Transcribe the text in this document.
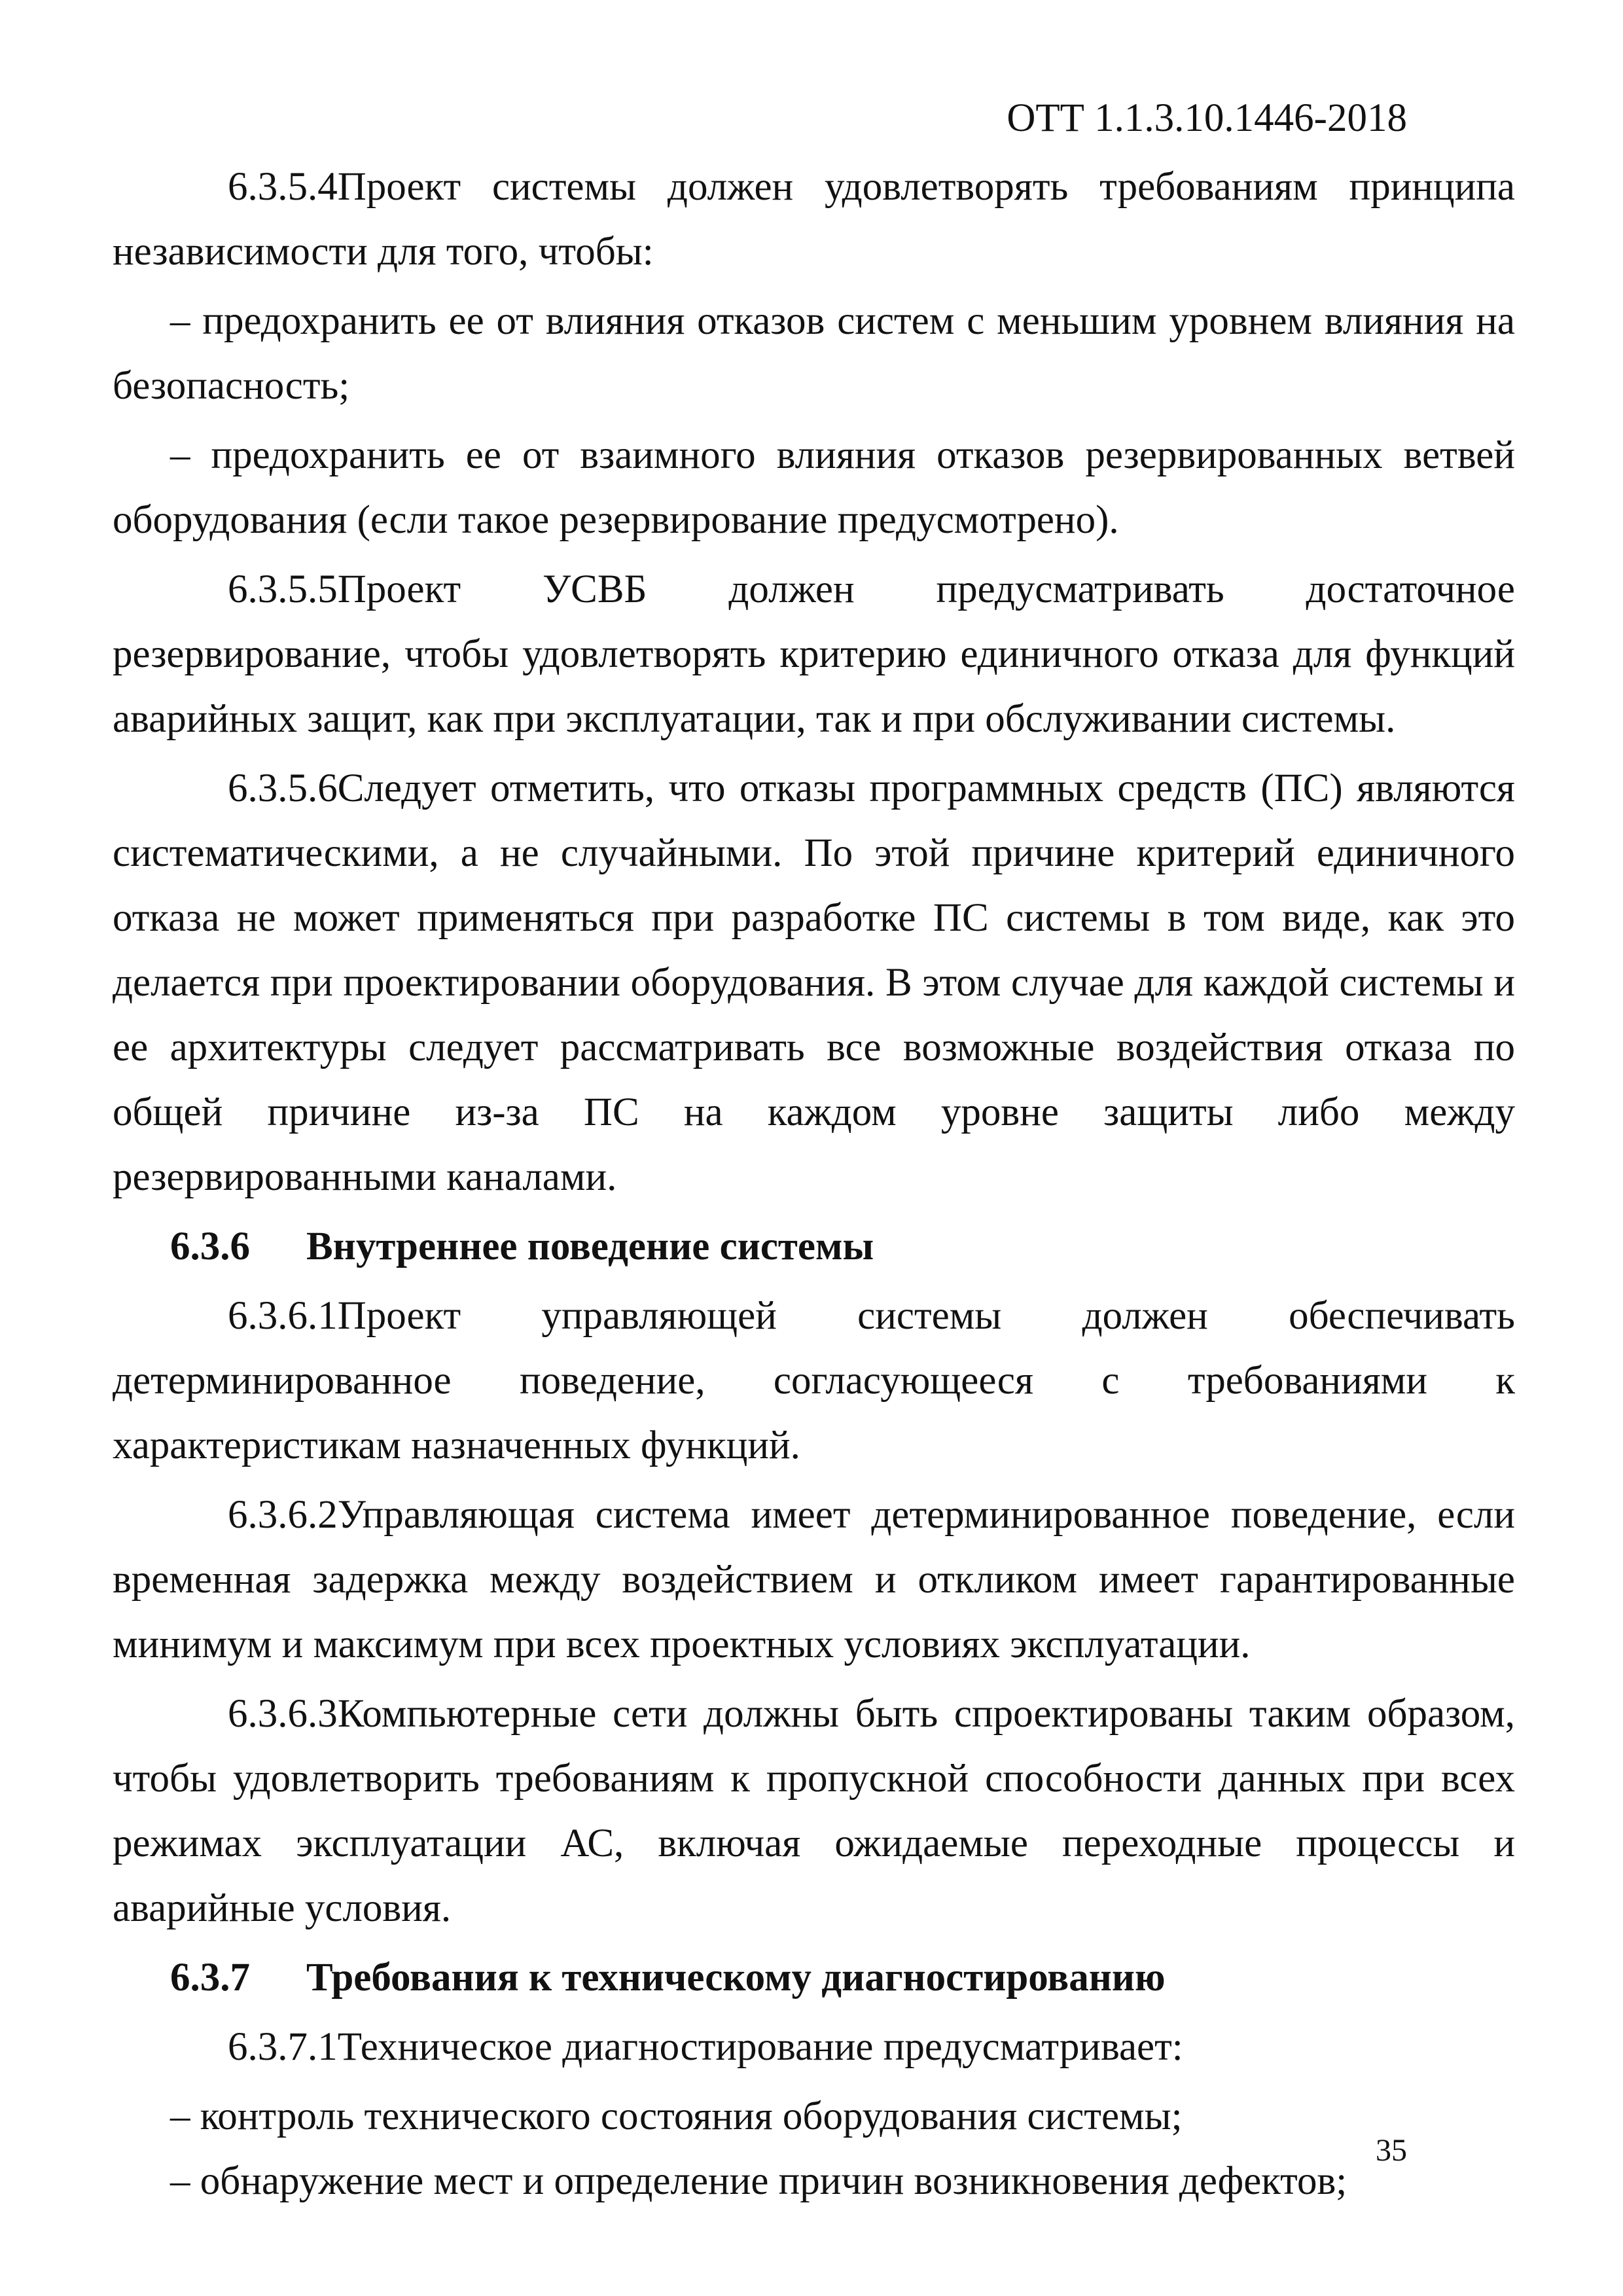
ОТТ 1.1.3.10.1446-2018

6.3.5.4Проект системы должен удовлетворять требованиям принципа независимости для того, чтобы:

– предохранить ее от влияния отказов систем с меньшим уровнем влияния на безопасность;

– предохранить ее от взаимного влияния отказов резервированных ветвей оборудования (если такое резервирование предусмотрено).

6.3.5.5Проект УСВБ должен предусматривать достаточное резервирование, чтобы удовлетворять критерию единичного отказа для функций аварийных защит, как при эксплуатации, так и при обслуживании системы.

6.3.5.6Следует отметить, что отказы программных средств (ПС) являются систематическими, а не случайными. По этой причине критерий единичного отказа не может применяться при разработке ПС системы в том виде, как это делается при проектировании оборудования. В этом случае для каждой системы и ее архитектуры следует рассматривать все возможные воздействия отказа по общей причине из-за ПС на каждом уровне защиты либо между резервированными каналами.

6.3.6 Внутреннее поведение системы

6.3.6.1Проект управляющей системы должен обеспечивать детерминированное поведение, согласующееся с требованиями к характеристикам назначенных функций.

6.3.6.2Управляющая система имеет детерминированное поведение, если временная задержка между воздействием и откликом имеет гарантированные минимум и максимум при всех проектных условиях эксплуатации.

6.3.6.3Компьютерные сети должны быть спроектированы таким образом, чтобы удовлетворить требованиям к пропускной способности данных при всех режимах эксплуатации АС, включая ожидаемые переходные процессы и аварийные условия.

6.3.7 Требования к техническому диагностированию

6.3.7.1Техническое диагностирование предусматривает:

– контроль технического состояния оборудования системы;

– обнаружение мест и определение причин возникновения дефектов;

35
